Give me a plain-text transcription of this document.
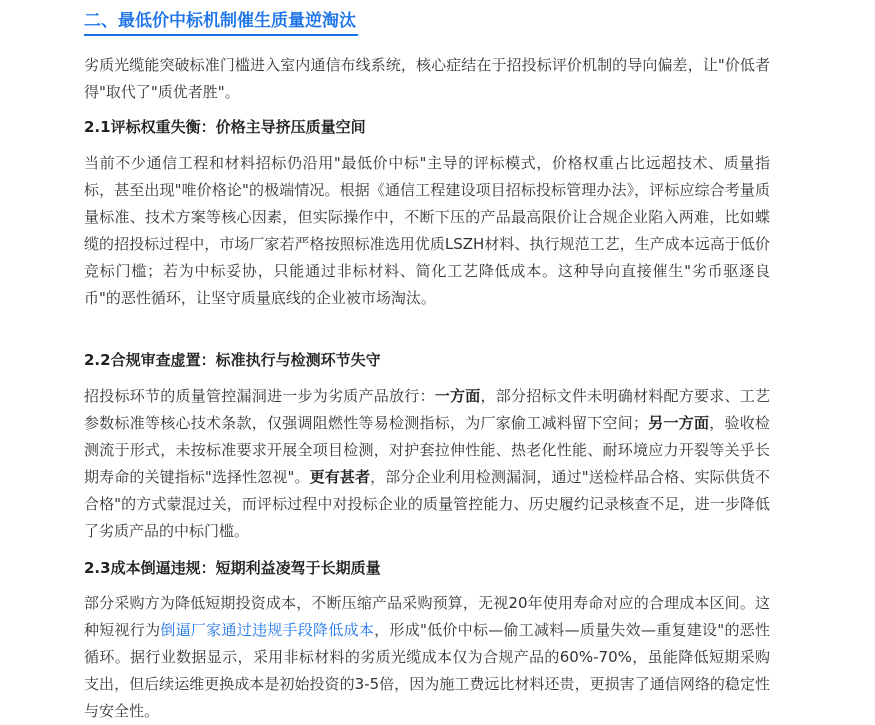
二、最低价中标机制催生质量逆淘汰

劣质光缆能突破标准门槛进入室内通信布线系统，核心症结在于招投标评价机制的导向偏差，让"价低者得"取代了"质优者胜"。

2.1评标权重失衡：价格主导挤压质量空间

当前不少通信工程和材料招标仍沿用"最低价中标"主导的评标模式，价格权重占比远超技术、质量指标，甚至出现"唯价格论"的极端情况。根据《通信工程建设项目招标投标管理办法》，评标应综合考量质量标准、技术方案等核心因素，但实际操作中，不断下压的产品最高限价让合规企业陷入两难，比如蝶缆的招投标过程中，市场厂家若严格按照标准选用优质LSZH材料、执行规范工艺，生产成本远高于低价竞标门槛；若为中标妥协，只能通过非标材料、简化工艺降低成本。这种导向直接催生"劣币驱逐良币"的恶性循环，让坚守质量底线的企业被市场淘汰。

2.2合规审查虚置：标准执行与检测环节失守

招投标环节的质量管控漏洞进一步为劣质产品放行：一方面，部分招标文件未明确材料配方要求、工艺参数标准等核心技术条款，仅强调阻燃性等易检测指标，为厂家偷工减料留下空间；另一方面，验收检测流于形式，未按标准要求开展全项目检测，对护套拉伸性能、热老化性能、耐环境应力开裂等关乎长期寿命的关键指标"选择性忽视"。更有甚者，部分企业利用检测漏洞，通过"送检样品合格、实际供货不合格"的方式蒙混过关，而评标过程中对投标企业的质量管控能力、历史履约记录核查不足，进一步降低了劣质产品的中标门槛。

2.3成本倒逼违规：短期利益凌驾于长期质量

部分采购方为降低短期投资成本，不断压缩产品采购预算，无视20年使用寿命对应的合理成本区间。这种短视行为倒逼厂家通过违规手段降低成本，形成"低价中标—偷工减料—质量失效—重复建设"的恶性循环。据行业数据显示，采用非标材料的劣质光缆成本仅为合规产品的60%-70%，虽能降低短期采购支出，但后续运维更换成本是初始投资的3-5倍，因为施工费远比材料还贵，更损害了通信网络的稳定性与安全性。
